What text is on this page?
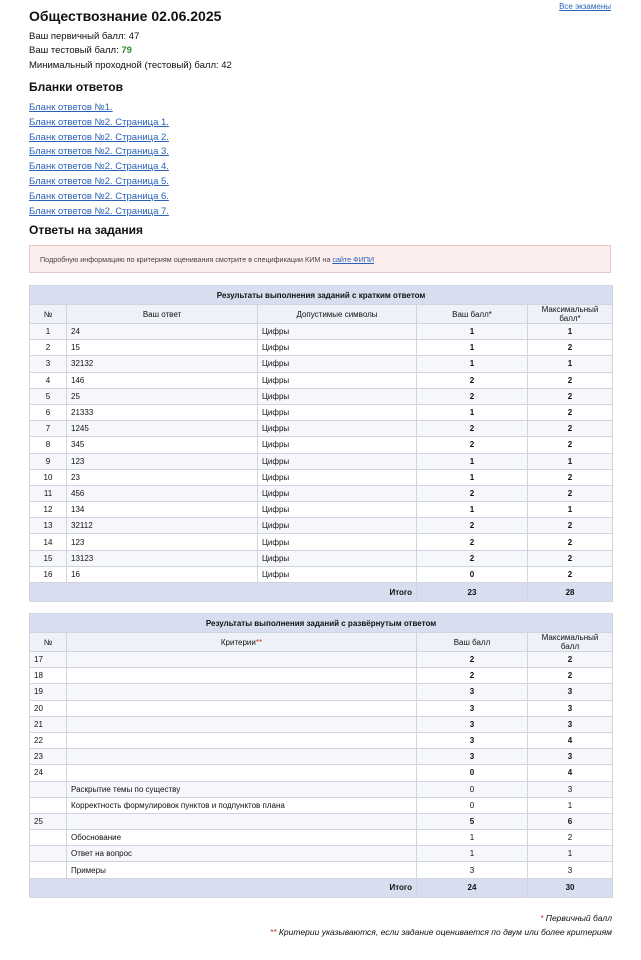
Обществознание 02.06.2025
Все экзамены
Ваш первичный балл: 47
Ваш тестовый балл: 79
Минимальный проходной (тестовый) балл: 42
Бланки ответов
Бланк ответов №1.
Бланк ответов №2. Страница 1.
Бланк ответов №2. Страница 2.
Бланк ответов №2. Страница 3.
Бланк ответов №2. Страница 4.
Бланк ответов №2. Страница 5.
Бланк ответов №2. Страница 6.
Бланк ответов №2. Страница 7.
Ответы на задания
Подробную информацию по критериям оценивания смотрите в спецификации КИМ на сайте ФИПИ
Результаты выполнения заданий с кратким ответом				
№	Ваш ответ	Допустимые символы	Ваш балл*	Максимальный балл*
1	24	Цифры	1	1
2	15	Цифры	1	2
3	32132	Цифры	1	1
4	146	Цифры	2	2
5	25	Цифры	2	2
6	21333	Цифры	1	2
7	1245	Цифры	2	2
8	345	Цифры	2	2
9	123	Цифры	1	1
10	23	Цифры	1	2
11	456	Цифры	2	2
12	134	Цифры	1	1
13	32112	Цифры	2	2
14	123	Цифры	2	2
15	13123	Цифры	2	2
16	16	Цифры	0	2
Итого			23	28
Результаты выполнения заданий с развёрнутым ответом			
№	Критерии**	Ваш балл	Максимальный балл
17		2	2
18		2	2
19		3	3
20		3	3
21		3	3
22		3	4
23		3	3
24		0	4
	Раскрытие темы по существу	0	3
	Корректность формулировок пунктов и подпунктов плана	0	1
25		5	6
	Обоснование	1	2
	Ответ на вопрос	1	1
	Примеры	3	3
Итого		24	30
* Первичный балл
** Критерии указываются, если задание оценивается по двум или более критериям
